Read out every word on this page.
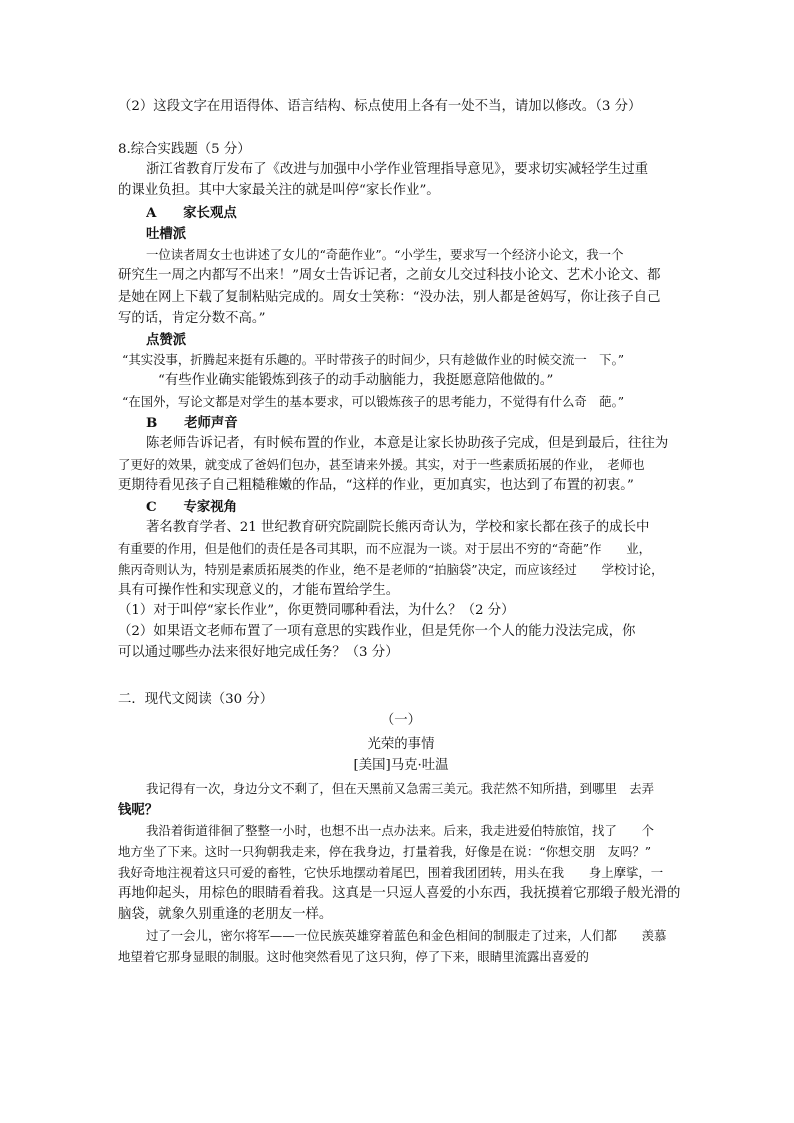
（2）这段文字在用语得体、语言结构、标点使用上各有一处不当，请加以修改。（3 分）
8.综合实践题（5 分）
浙江省教育厅发布了《改进与加强中小学作业管理指导意见》，要求切实减轻学生过重
的课业负担。其中大家最关注的就是叫停“家长作业”。
A　　家长观点
吐槽派
一位读者周女士也讲述了女儿的“奇葩作业”。“小学生，要求写一个经济小论文，我一个
研究生一周之内都写不出来！”周女士告诉记者，之前女儿交过科技小论文、艺术小论文、都
是她在网上下载了复制粘贴完成的。周女士笑称：“没办法，别人都是爸妈写，你让孩子自己
写的话，肯定分数不高。”
点赞派
“其实没事，折腾起来挺有乐趣的。平时带孩子的时间少，只有趁做作业的时候交流一　下。”
“有些作业确实能锻炼到孩子的动手动脑能力，我挺愿意陪他做的。”
“在国外，写论文都是对学生的基本要求，可以锻炼孩子的思考能力，不觉得有什么奇　葩。”
B　　老师声音
陈老师告诉记者，有时候布置的作业，本意是让家长协助孩子完成，但是到最后，往往为
了更好的效果，就变成了爸妈们包办，甚至请来外援。其实，对于一些素质拓展的作业，　老师也
更期待看见孩子自己粗糙稚嫩的作品，“这样的作业，更加真实，也达到了布置的初衷。”
C　　专家视角
著名教育学者、21 世纪教育研究院副院长熊丙奇认为，学校和家长都在孩子的成长中
有重要的作用，但是他们的责任是各司其职，而不应混为一谈。对于层出不穷的“奇葩”作　　业，
熊丙奇则认为，特别是素质拓展类的作业，绝不是老师的“拍脑袋”决定，而应该经过　　学校讨论，
具有可操作性和实现意义的，才能布置给学生。
（1）对于叫停“家长作业”，你更赞同哪种看法，为什么？（2 分）
（2）如果语文老师布置了一项有意思的实践作业，但是凭你一个人的能力没法完成，你
可以通过哪些办法来很好地完成任务？（3 分）
二．现代文阅读（30 分）
（一）
光荣的事情
[美国]马克·吐温
我记得有一次，身边分文不剩了，但在天黑前又急需三美元。我茫然不知所措，到哪里　去弄
钱呢？
我沿着街道徘徊了整整一小时，也想不出一点办法来。后来，我走进爱伯特旅馆，找了　　个
地方坐了下来。这时一只狗朝我走来，停在我身边，打量着我，好像是在说：“你想交朋　友吗？”
我好奇地注视着这只可爱的畜牲，它快乐地摆动着尾巴，围着我团团转，用头在我　　身上摩挲，一
再地仰起头，用棕色的眼睛看着我。这真是一只逗人喜爱的小东西，我抚摸着它那缎子般光滑的
脑袋，就象久别重逢的老朋友一样。
过了一会儿，密尔将军——一位民族英雄穿着蓝色和金色相间的制服走了过来，人们都　　羡慕
地望着它那身显眼的制服。这时他突然看见了这只狗，停了下来，眼睛里流露出喜爱的
